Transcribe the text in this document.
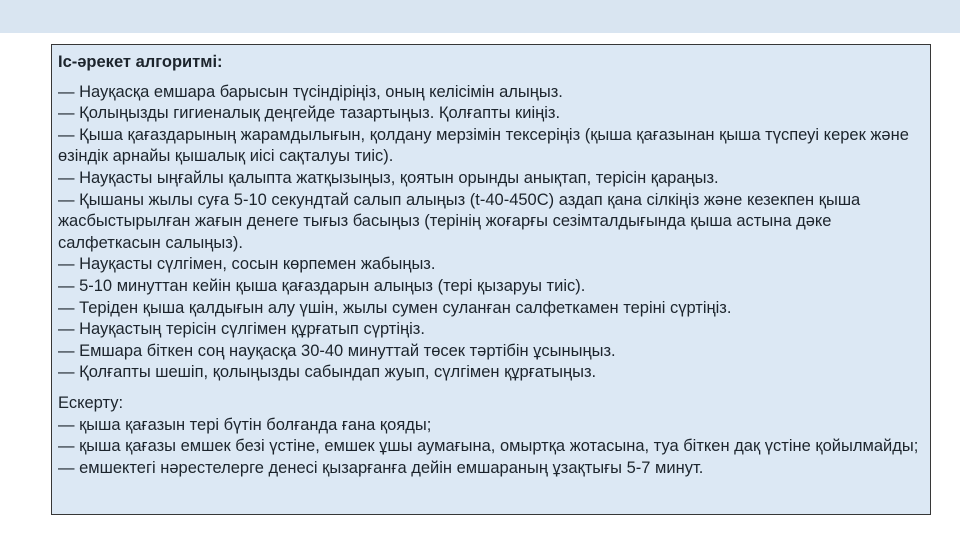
Іс-әрекет алгоритмі:
— Науқасқа емшара барысын түсіндіріңіз, оның келісімін алыңыз.
— Қолыңызды гигиеналық деңгейде тазартыңыз. Қолғапты киіңіз.
— Қыша қағаздарының жарамдылығын, қолдану мерзімін тексеріңіз (қыша қағазынан қыша түспеуі керек және өзіндік арнайы қышалық иісі сақталуы тиіс).
— Науқасты ыңғайлы қалыпта жатқызыңыз, қоятын орынды анықтап, терісін қараңыз.
— Қышаны жылы суға 5-10 секундтай салып алыңыз (t-40-450C) аздап қана сілкіңіз және кезекпен қыша жасбыстырылған жағын денеге тығыз басыңыз (терінің жоғарғы сезімталдығында қыша астына дәке салфеткасын салыңыз).
— Науқасты сүлгімен, сосын көрпемен жабыңыз.
— 5-10 минуттан кейін қыша қағаздарын алыңыз (тері қызаруы тиіс).
— Теріден қыша қалдығын алу үшін, жылы сумен суланған салфеткамен теріні сүртіңіз.
— Науқастың терісін сүлгімен құрғатып сүртіңіз.
— Емшара біткен соң науқасқа 30-40 минуттай төсек тәртібін ұсыныңыз.
— Қолғапты шешіп, қолыңызды сабындап жуып, сүлгімен құрғатыңыз.
Ескерту:
— қыша қағазын тері бүтін болғанда ғана қояды;
— қыша қағазы емшек безі үстіне, емшек ұшы аумағына, омыртқа жотасына, туа біткен дақ үстіне қойылмайды;
— емшектегі нәрестелерге денесі қызарғанға дейін емшараның ұзақтығы 5-7 минут.
